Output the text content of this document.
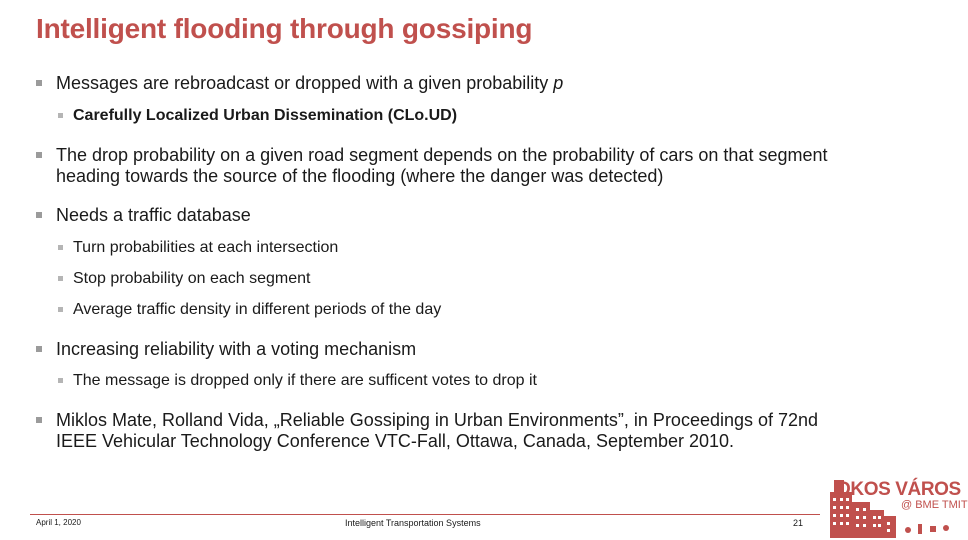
Intelligent flooding through gossiping
Messages are rebroadcast or dropped with a given probability p
Carefully Localized Urban Dissemination (CLo.UD)
The drop probability on a given road segment depends on the probability of cars on that segment
heading towards the source of the flooding (where the danger was detected)
Needs a traffic database
Turn probabilities at each intersection
Stop probability on each segment
Average traffic density in different periods of the day
Increasing reliability with a voting mechanism
The message is dropped only if there are sufficent votes to drop it
Miklos Mate, Rolland Vida, „Reliable Gossiping in Urban Environments”, in Proceedings of 72nd
IEEE Vehicular Technology Conference VTC-Fall, Ottawa, Canada, September 2010.
April 1, 2020	Intelligent Transportation Systems	21
OKOS VÁROS
@ BME TMIT
